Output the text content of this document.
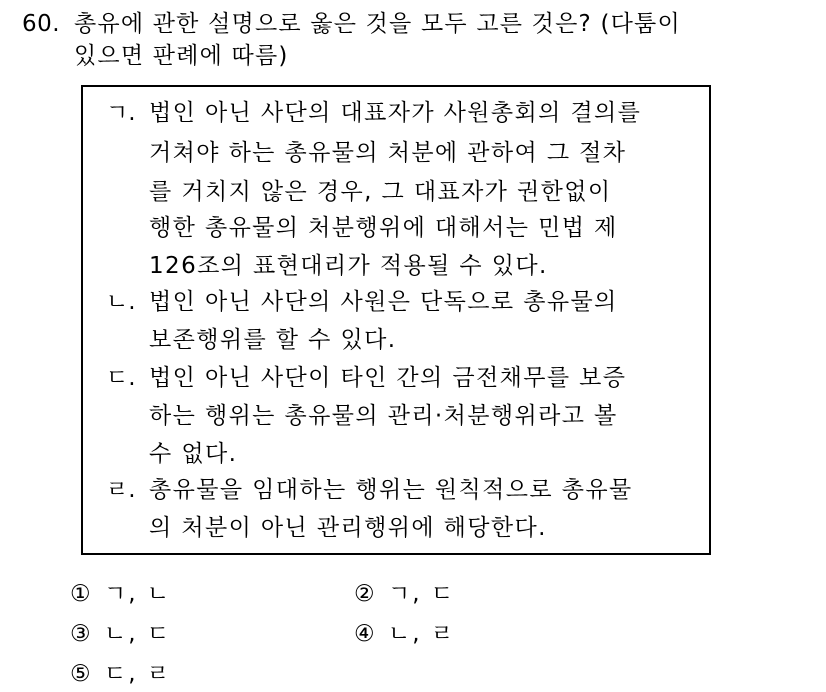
60. 총유에 관한 설명으로 옳은 것을 모두 고른 것은? (다툼이
있으면 판례에 따름)
ㄱ. 법인 아닌 사단의 대표자가 사원총회의 결의를
거쳐야 하는 총유물의 처분에 관하여 그 절차
를 거치지 않은 경우, 그 대표자가 권한없이
행한 총유물의 처분행위에 대해서는 민법 제
126조의 표현대리가 적용될 수 있다.
ㄴ. 법인 아닌 사단의 사원은 단독으로 총유물의
보존행위를 할 수 있다.
ㄷ. 법인 아닌 사단이 타인 간의 금전채무를 보증
하는 행위는 총유물의 관리·처분행위라고 볼
수 없다.
ㄹ. 총유물을 임대하는 행위는 원칙적으로 총유물
의 처분이 아닌 관리행위에 해당한다.
① ㄱ, ㄴ	② ㄱ, ㄷ
③ ㄴ, ㄷ	④ ㄴ, ㄹ
⑤ ㄷ, ㄹ
